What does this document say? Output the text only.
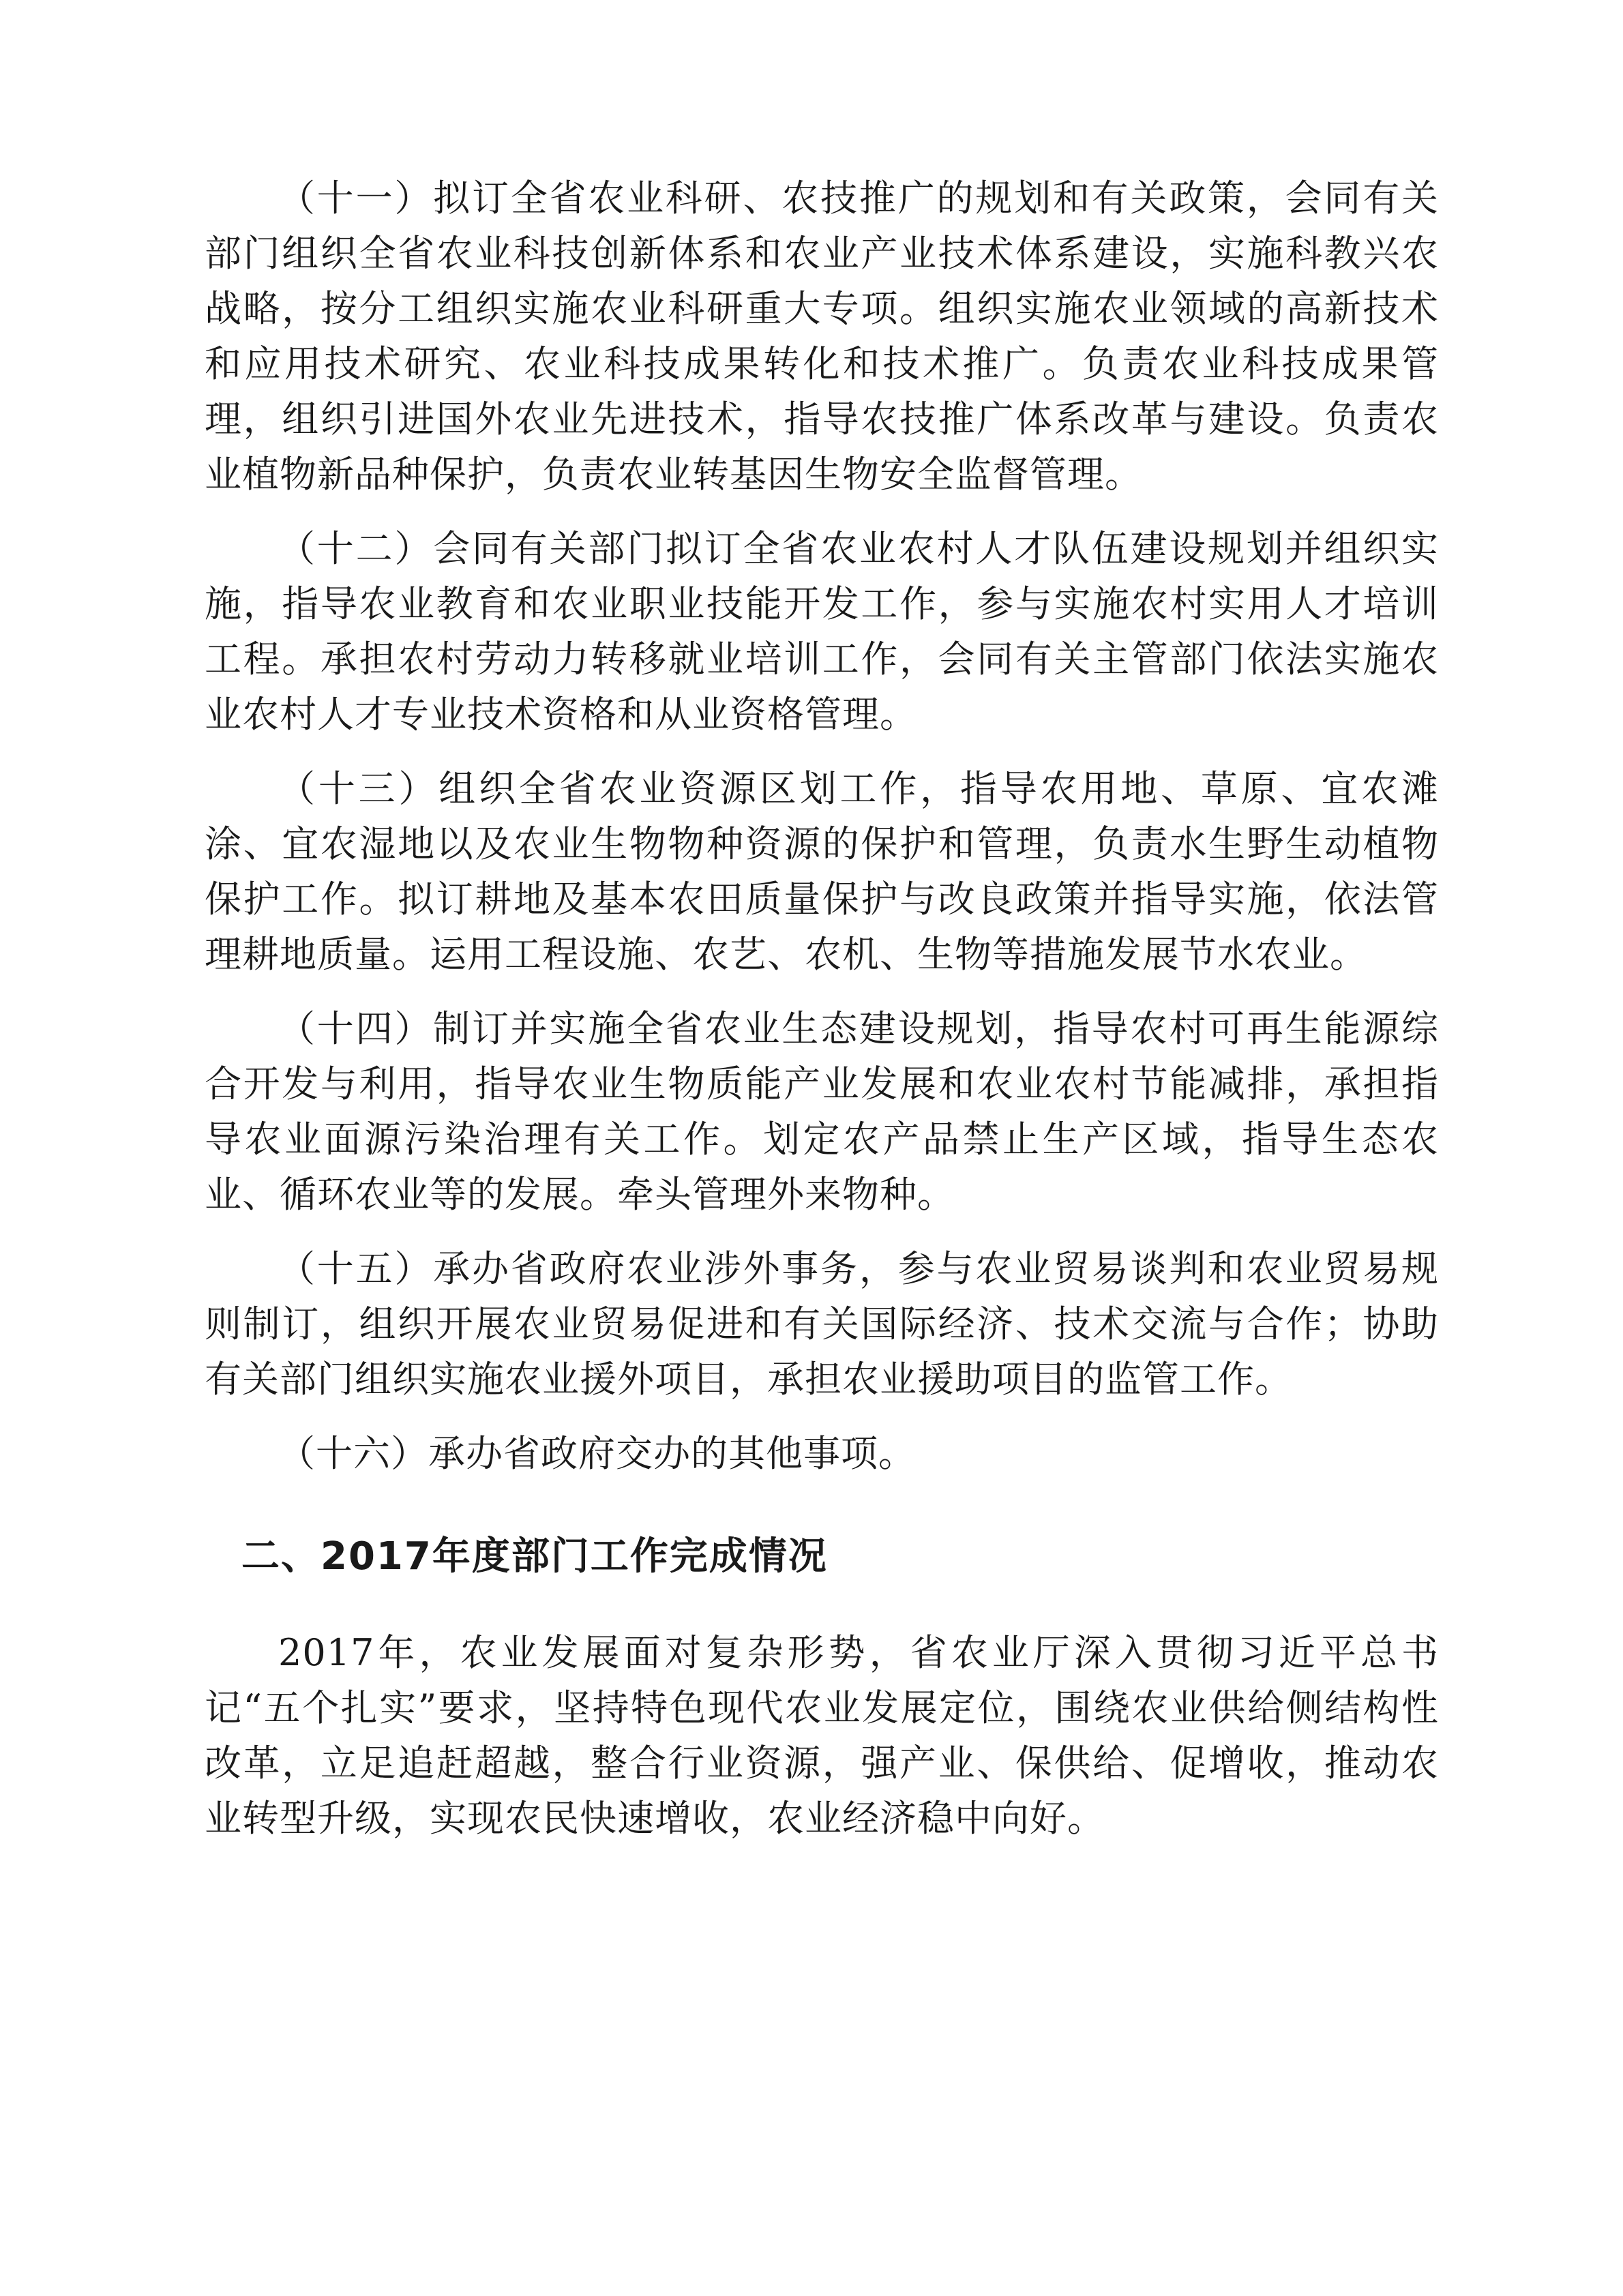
（十一）拟订全省农业科研、农技推广的规划和有关政策，会同有关部门组织全省农业科技创新体系和农业产业技术体系建设，实施科教兴农战略，按分工组织实施农业科研重大专项。组织实施农业领域的高新技术和应用技术研究、农业科技成果转化和技术推广。负责农业科技成果管理，组织引进国外农业先进技术，指导农技推广体系改革与建设。负责农业植物新品种保护，负责农业转基因生物安全监督管理。

（十二）会同有关部门拟订全省农业农村人才队伍建设规划并组织实施，指导农业教育和农业职业技能开发工作，参与实施农村实用人才培训工程。承担农村劳动力转移就业培训工作，会同有关主管部门依法实施农业农村人才专业技术资格和从业资格管理。

（十三）组织全省农业资源区划工作，指导农用地、草原、宜农滩涂、宜农湿地以及农业生物物种资源的保护和管理，负责水生野生动植物保护工作。拟订耕地及基本农田质量保护与改良政策并指导实施，依法管理耕地质量。运用工程设施、农艺、农机、生物等措施发展节水农业。

（十四）制订并实施全省农业生态建设规划，指导农村可再生能源综合开发与利用，指导农业生物质能产业发展和农业农村节能减排，承担指导农业面源污染治理有关工作。划定农产品禁止生产区域，指导生态农业、循环农业等的发展。牵头管理外来物种。

（十五）承办省政府农业涉外事务，参与农业贸易谈判和农业贸易规则制订，组织开展农业贸易促进和有关国际经济、技术交流与合作；协助有关部门组织实施农业援外项目，承担农业援助项目的监管工作。

（十六）承办省政府交办的其他事项。

二、2017年度部门工作完成情况

2017年，农业发展面对复杂形势，省农业厅深入贯彻习近平总书记“五个扎实”要求，坚持特色现代农业发展定位，围绕农业供给侧结构性改革，立足追赶超越，整合行业资源，强产业、保供给、促增收，推动农业转型升级，实现农民快速增收，农业经济稳中向好。
